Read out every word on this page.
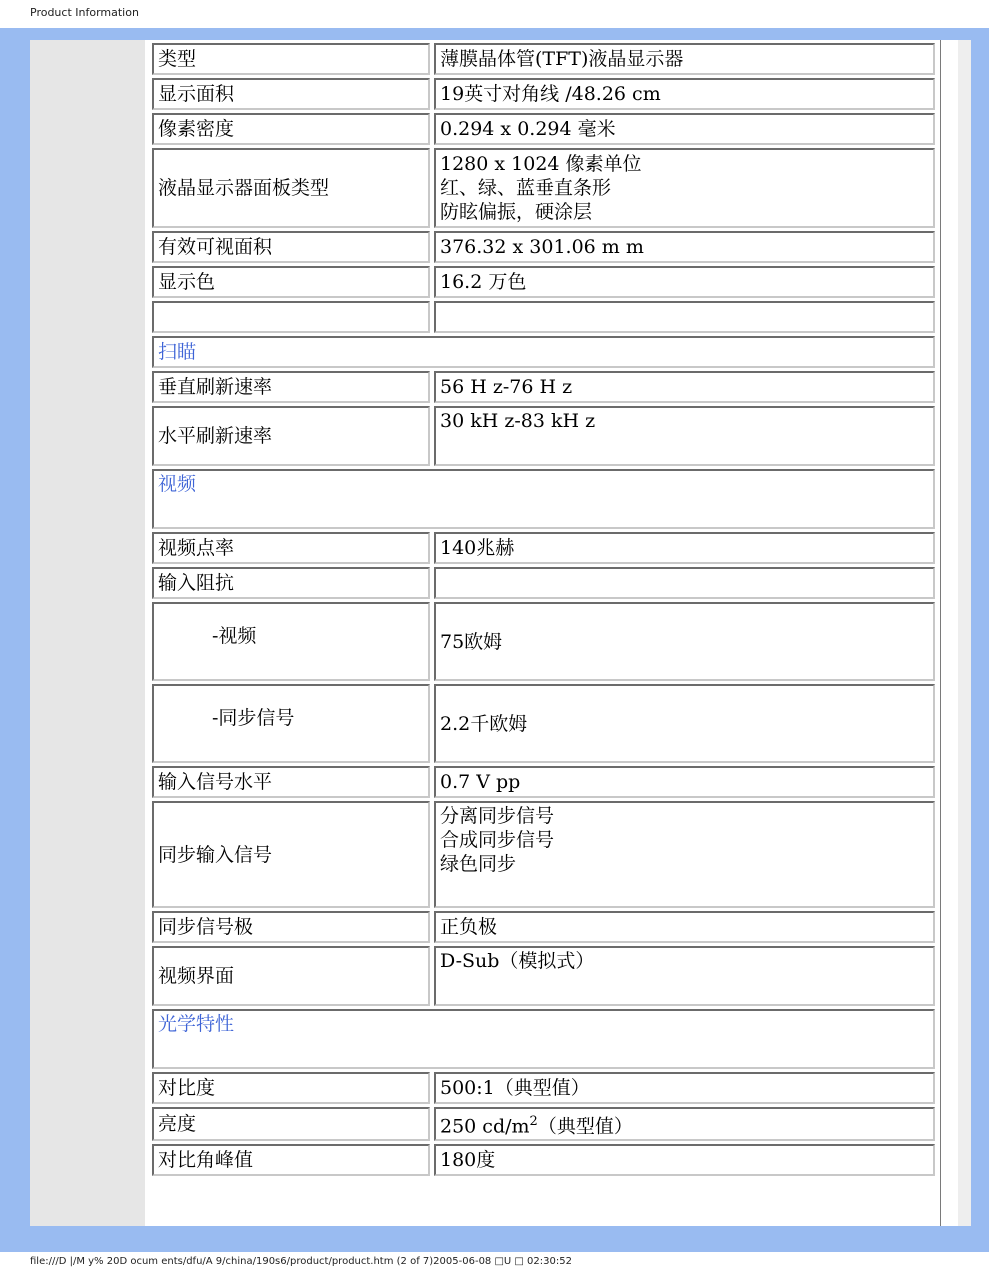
Product Information
类型	薄膜晶体管(TFT)液晶显示器
显示面积	19英寸对角线 /48.26 cm
像素密度	0.294 x 0.294 毫米
液晶显示器面板类型	1280 x 1024 像素单位
红、绿、蓝垂直条形
防眩偏振，硬涂层

有效可视面积	376.32 x 301.06 m m
显示色	16.2 万色

扫瞄	
垂直刷新速率	56 H z-76 H z
水平刷新速率	30 kH z-83 kH z
视频	
视频点率	140兆赫
输入阻抗	
-视频	75欧姆
-同步信号	2.2千欧姆
输入信号水平	0.7 V pp
同步输入信号	分离同步信号
合成同步信号
绿色同步

同步信号极	正负极
视频界面	D-Sub（模拟式）
光学特性	
对比度	500:1（典型值）
亮度	250 $cd/m^2$（典型值）
对比角峰值	180度
file:///D |/M y% 20D ocum ents/dfu/A 9/china/190s6/product/product.htm (2 of 7)2005-06-08 □U □ 02:30:52
